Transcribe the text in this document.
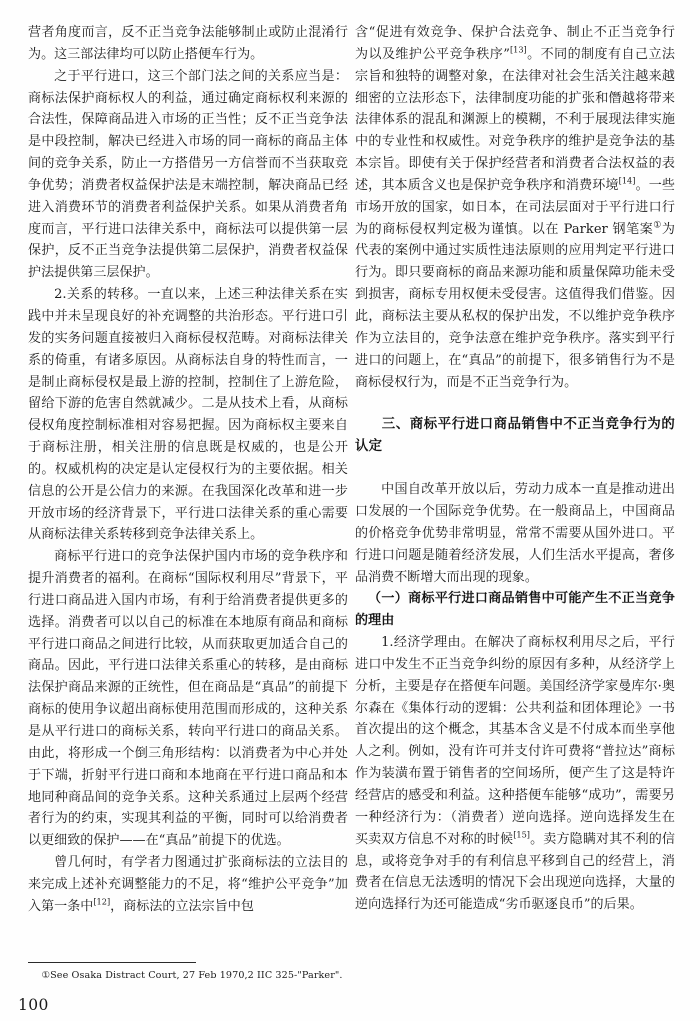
营者角度而言，反不正当竞争法能够制止或防止混淆行为。这三部法律均可以防止搭便车行为。

之于平行进口，这三个部门法之间的关系应当是：商标法保护商标权人的利益，通过确定商标权利来源的合法性，保障商品进入市场的正当性；反不正当竞争法是中段控制，解决已经进入市场的同一商标的商品主体间的竞争关系，防止一方搭借另一方信誉而不当获取竞争优势；消费者权益保护法是末端控制，解决商品已经进入消费环节的消费者利益保护关系。如果从消费者角度而言，平行进口法律关系中，商标法可以提供第一层保护，反不正当竞争法提供第二层保护，消费者权益保护法提供第三层保护。

2.关系的转移。一直以来，上述三种法律关系在实践中并未呈现良好的补充调整的共治形态。平行进口引发的实务问题直接被归入商标侵权范畴。对商标法律关系的倚重，有诸多原因。从商标法自身的特性而言，一是制止商标侵权是最上游的控制，控制住了上游危险，留给下游的危害自然就减少。二是从技术上看，从商标侵权角度控制标准相对容易把握。因为商标权主要来自于商标注册，相关注册的信息既是权威的，也是公开的。权威机构的决定是认定侵权行为的主要依据。相关信息的公开是公信力的来源。在我国深化改革和进一步开放市场的经济背景下，平行进口法律关系的重心需要从商标法律关系转移到竞争法律关系上。

商标平行进口的竞争法保护国内市场的竞争秩序和提升消费者的福利。在商标“国际权利用尽”背景下，平行进口商品进入国内市场，有利于给消费者提供更多的选择。消费者可以以自己的标准在本地原有商品和商标平行进口商品之间进行比较，从而获取更加适合自己的商品。因此，平行进口法律关系重心的转移，是由商标法保护商品来源的正统性，但在商品是“真品”的前提下商标的使用争议超出商标使用范围而形成的，这种关系是从平行进口的商标关系，转向平行进口的商品关系。由此，将形成一个倒三角形结构：以消费者为中心并处于下端，折射平行进口商和本地商在平行进口商品和本地同种商品间的竞争关系。这种关系通过上层两个经营者行为的约束，实现其利益的平衡，同时可以给消费者以更细致的保护——在“真品”前提下的优选。

曾几何时，有学者力图通过扩张商标法的立法目的来完成上述补充调整能力的不足，将“维护公平竞争”加入第一条中[12]，商标法的立法宗旨中包

含“促进有效竞争、保护合法竞争、制止不正当竞争行为以及维护公平竞争秩序”[13]。不同的制度有自己立法宗旨和独特的调整对象，在法律对社会生活关注越来越细密的立法形态下，法律制度功能的扩张和僭越将带来法律体系的混乱和渊源上的模糊，不利于展现法律实施中的专业性和权威性。对竞争秩序的维护是竞争法的基本宗旨。即使有关于保护经营者和消费者合法权益的表述，其本质含义也是保护竞争秩序和消费环境[14]。一些市场开放的国家，如日本，在司法层面对于平行进口行为的商标侵权判定极为谨慎。以在 Parker 钢笔案①为代表的案例中通过实质性违法原则的应用判定平行进口行为。即只要商标的商品来源功能和质量保障功能未受到损害，商标专用权便未受侵害。这值得我们借鉴。因此，商标法主要从私权的保护出发，不以维护竞争秩序作为立法目的，竞争法意在维护竞争秩序。落实到平行进口的问题上，在“真品”的前提下，很多销售行为不是商标侵权行为，而是不正当竞争行为。

三、商标平行进口商品销售中不正当竞争行为的认定

中国自改革开放以后，劳动力成本一直是推动进出口发展的一个国际竞争优势。在一般商品上，中国商品的价格竞争优势非常明显，常常不需要从国外进口。平行进口问题是随着经济发展，人们生活水平提高，奢侈品消费不断增大而出现的现象。

（一）商标平行进口商品销售中可能产生不正当竞争的理由

1.经济学理由。在解决了商标权利用尽之后，平行进口中发生不正当竞争纠纷的原因有多种，从经济学上分析，主要是存在搭便车问题。美国经济学家曼库尔·奥尔森在《集体行动的逻辑：公共利益和团体理论》一书首次提出的这个概念，其基本含义是不付成本而坐享他人之利。例如，没有许可并支付许可费将“普拉达”商标作为装潢布置于销售者的空间场所，便产生了这是特许经营店的感受和利益。这种搭便车能够“成功”，需要另一种经济行为：（消费者）逆向选择。逆向选择发生在买卖双方信息不对称的时候[15]。卖方隐瞒对其不利的信息，或将竞争对手的有利信息平移到自己的经营上，消费者在信息无法透明的情况下会出现逆向选择，大量的逆向选择行为还可能造成“劣币驱逐良币”的后果。

①See Osaka Distract Court, 27 Feb 1970,2 IIC 325-"Parker".
100
